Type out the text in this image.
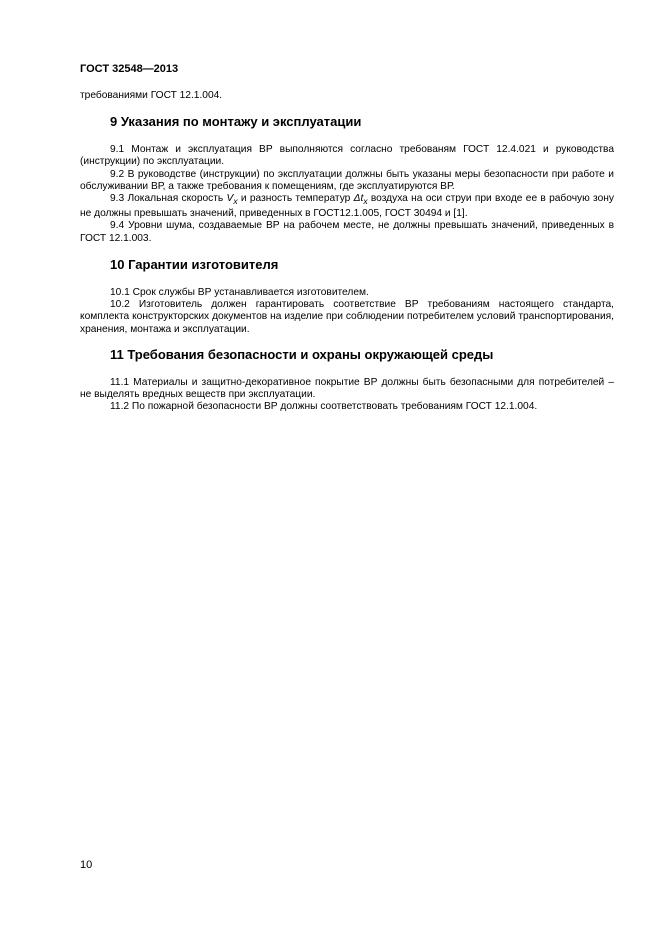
ГОСТ 32548—2013

требованиями ГОСТ 12.1.004.

9 Указания по монтажу и эксплуатации

9.1 Монтаж и эксплуатация ВР выполняются согласно требованям ГОСТ 12.4.021 и руководства (инструкции) по эксплуатации.

9.2 В руководстве (инструкции) по эксплуатации должны быть указаны меры безопасности при работе и обслуживании ВР, а также требования к помещениям, где эксплуатируются ВР.

9.3 Локальная скорость $V_x$ и разность температур $\Delta t_x$ воздуха на оси струи при входе ее в рабочую зону не должны превышать значений, приведенных в ГОСТ12.1.005, ГОСТ 30494 и [1].

9.4 Уровни шума, создаваемые ВР на рабочем месте, не должны превышать значений, приведенных в ГОСТ 12.1.003.

10 Гарантии изготовителя

10.1 Срок службы ВР устанавливается изготовителем.

10.2 Изготовитель должен гарантировать соответствие ВР требованиям настоящего стандарта, комплекта конструкторских документов на изделие при соблюдении потребителем условий транспортирования, хранения, монтажа и эксплуатации.

11 Требования безопасности и охраны окружающей среды

11.1 Материалы и защитно-декоративное покрытие ВР должны быть безопасными для потребителей – не выделять вредных веществ при эксплуатации.

11.2 По пожарной безопасности ВР должны соответствовать требованиям ГОСТ 12.1.004.

10
